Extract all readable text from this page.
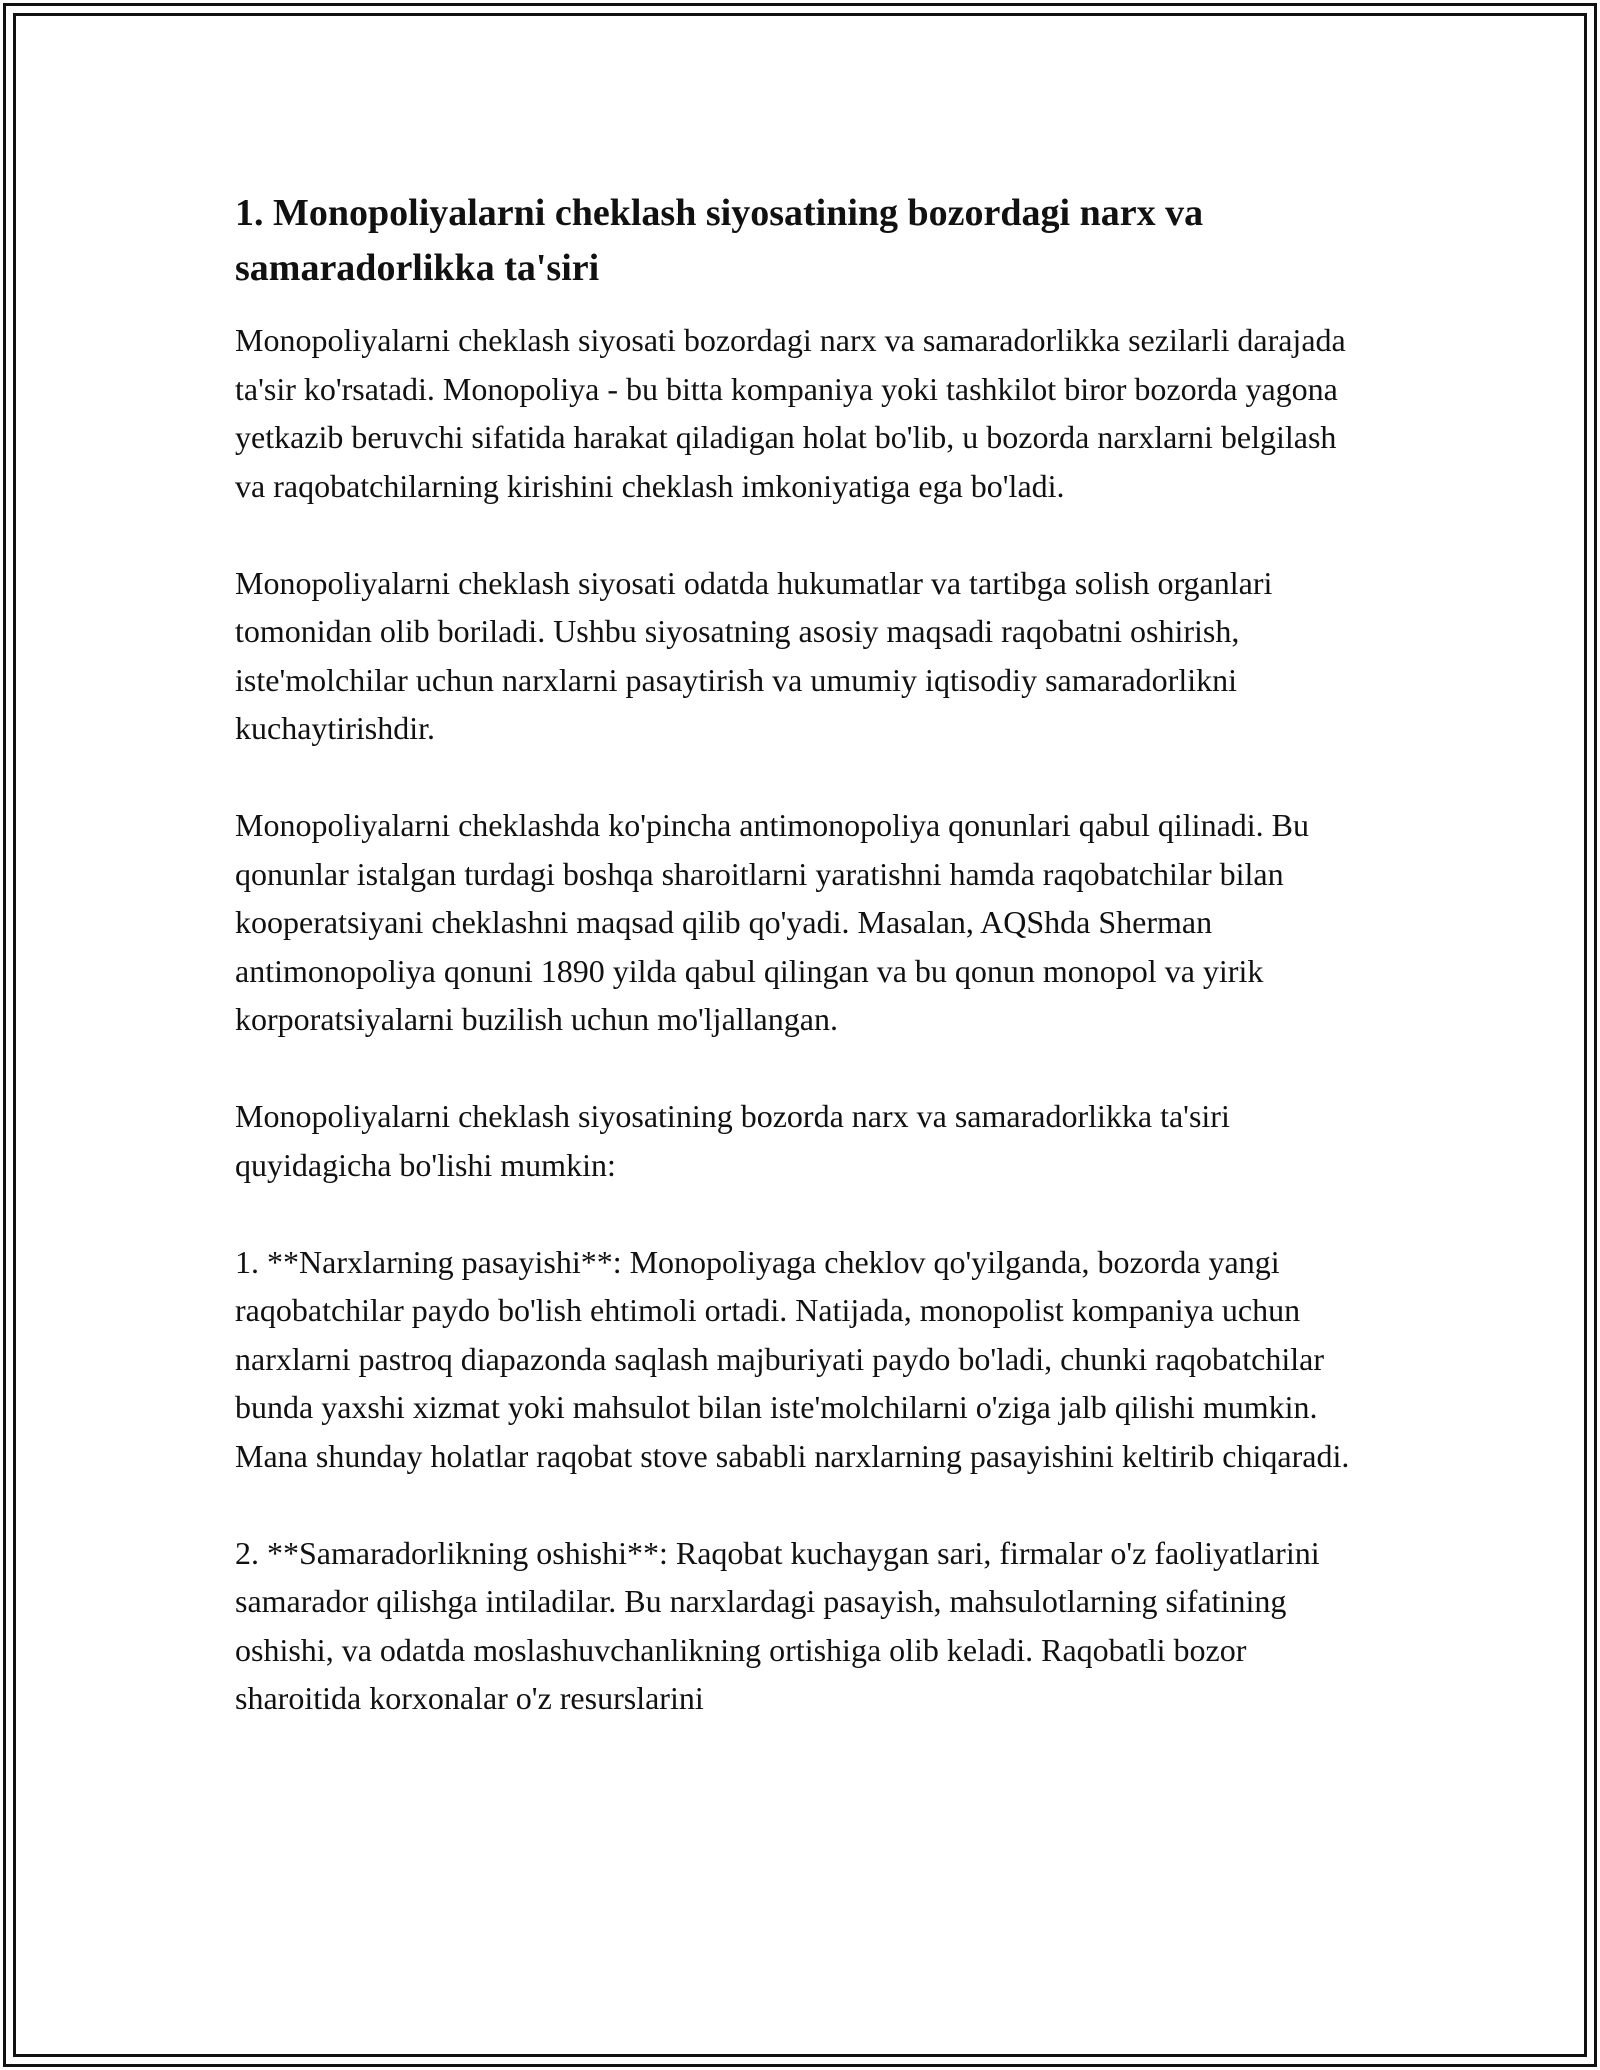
1. Monopoliyalarni cheklash siyosatining bozordagi narx va samaradorlikka ta'siri

Monopoliyalarni cheklash siyosati bozordagi narx va samaradorlikka sezilarli darajada ta'sir ko'rsatadi. Monopoliya - bu bitta kompaniya yoki tashkilot biror bozorda yagona yetkazib beruvchi sifatida harakat qiladigan holat bo'lib, u bozorda narxlarni belgilash va raqobatchilarning kirishini cheklash imkoniyatiga ega bo'ladi.

Monopoliyalarni cheklash siyosati odatda hukumatlar va tartibga solish organlari tomonidan olib boriladi. Ushbu siyosatning asosiy maqsadi raqobatni oshirish, iste'molchilar uchun narxlarni pasaytirish va umumiy iqtisodiy samaradorlikni kuchaytirishdir.

Monopoliyalarni cheklashda ko'pincha antimonopoliya qonunlari qabul qilinadi. Bu qonunlar istalgan turdagi boshqa sharoitlarni yaratishni hamda raqobatchilar bilan kooperatsiyani cheklashni maqsad qilib qo'yadi. Masalan, AQShda Sherman antimonopoliya qonuni 1890 yilda qabul qilingan va bu qonun monopol va yirik korporatsiyalarni buzilish uchun mo'ljallangan.

Monopoliyalarni cheklash siyosatining bozorda narx va samaradorlikka ta'siri quyidagicha bo'lishi mumkin:

1. **Narxlarning pasayishi**: Monopoliyaga cheklov qo'yilganda, bozorda yangi raqobatchilar paydo bo'lish ehtimoli ortadi. Natijada, monopolist kompaniya uchun narxlarni pastroq diapazonda saqlash majburiyati paydo bo'ladi, chunki raqobatchilar bunda yaxshi xizmat yoki mahsulot bilan iste'molchilarni o'ziga jalb qilishi mumkin. Mana shunday holatlar raqobat stove sababli narxlarning pasayishini keltirib chiqaradi.

2. **Samaradorlikning oshishi**: Raqobat kuchaygan sari, firmalar o'z faoliyatlarini samarador qilishga intiladilar. Bu narxlardagi pasayish, mahsulotlarning sifatining oshishi, va odatda moslashuvchanlikning ortishiga olib keladi. Raqobatli bozor sharoitida korxonalar o'z resurslarini
